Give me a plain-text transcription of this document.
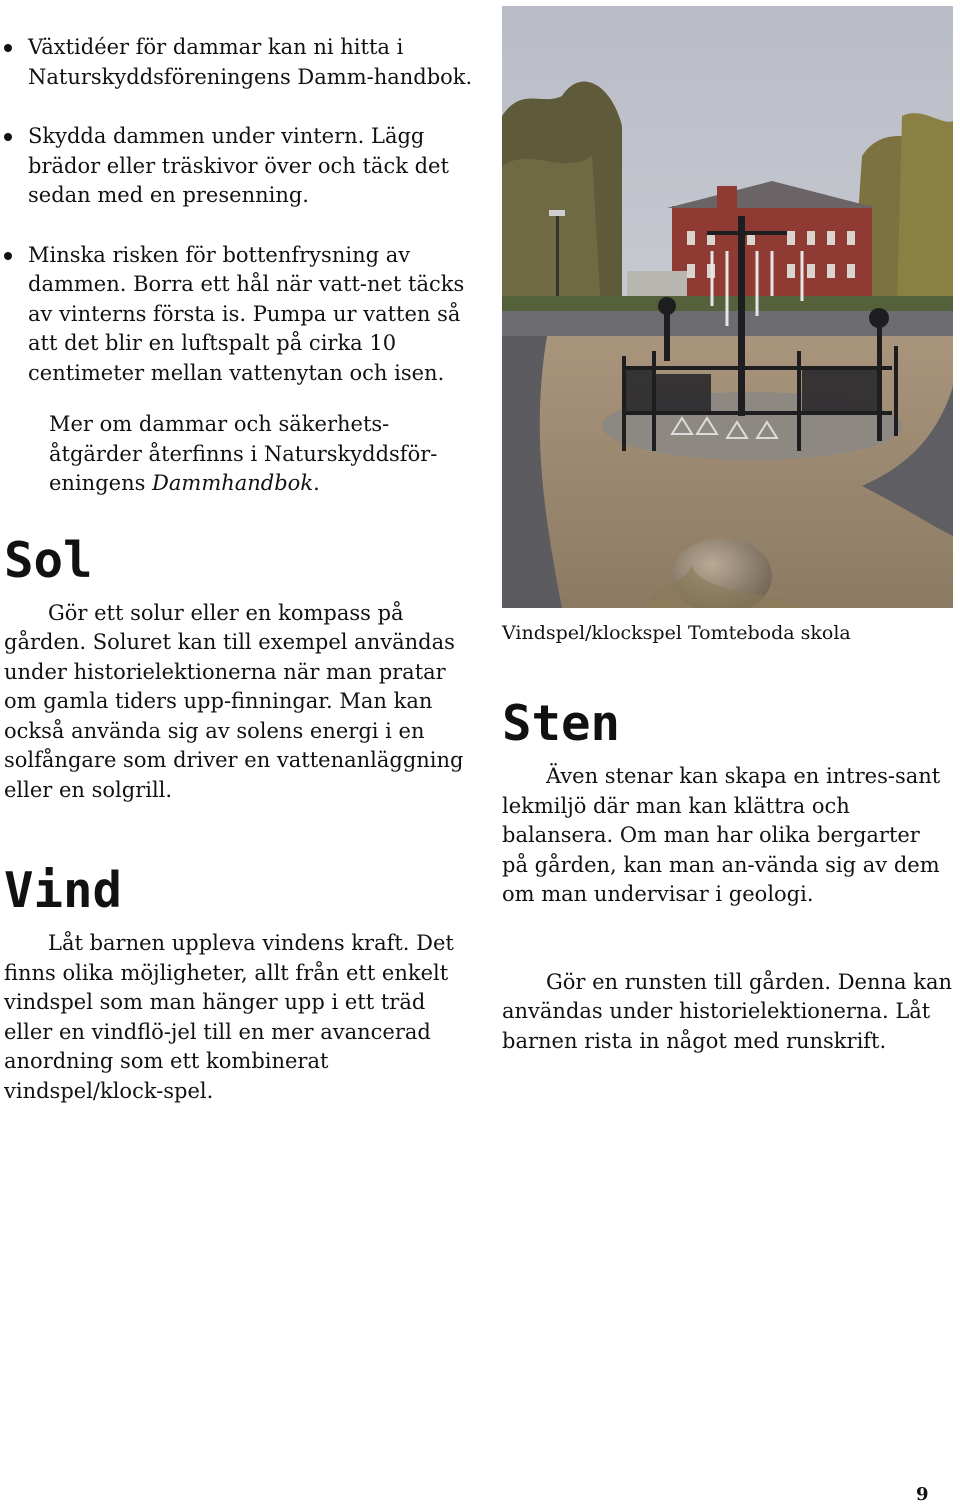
Växtidéer för dammar kan ni hitta i Naturskyddsföreningens Damm-handbok.
Skydda dammen under vintern. Lägg brädor eller träskivor över och täck det sedan med en presenning.
Minska risken för bottenfrysning av dammen. Borra ett hål när vatt-net täcks av vinterns första is. Pumpa ur vatten så att det blir en luftspalt på cirka 10 centimeter mellan vattenytan och isen.

Mer om dammar och säkerhets-åtgärder återfinns i Naturskyddsför-eningens Dammhandbok.

Sol

Gör ett solur eller en kompass på gården. Soluret kan till exempel användas under historielektionerna när man pratar om gamla tiders upp-finningar. Man kan också använda sig av solens energi i en solfångare som driver en vattenanläggning eller en solgrill.

Vind

Låt barnen uppleva vindens kraft. Det finns olika möjligheter, allt från ett enkelt vindspel som man hänger upp i ett träd eller en vindflö-jel till en mer avancerad anordning som ett kombinerat vindspel/klock-spel.

Vindspel/klockspel Tomteboda skola

Sten

Även stenar kan skapa en intres-sant lekmiljö där man kan klättra och balansera. Om man har olika bergarter på gården, kan man an-vända sig av dem om man undervisar i geologi.

Gör en runsten till gården. Denna kan användas under historielektionerna. Låt barnen rista in något med runskrift.

9
